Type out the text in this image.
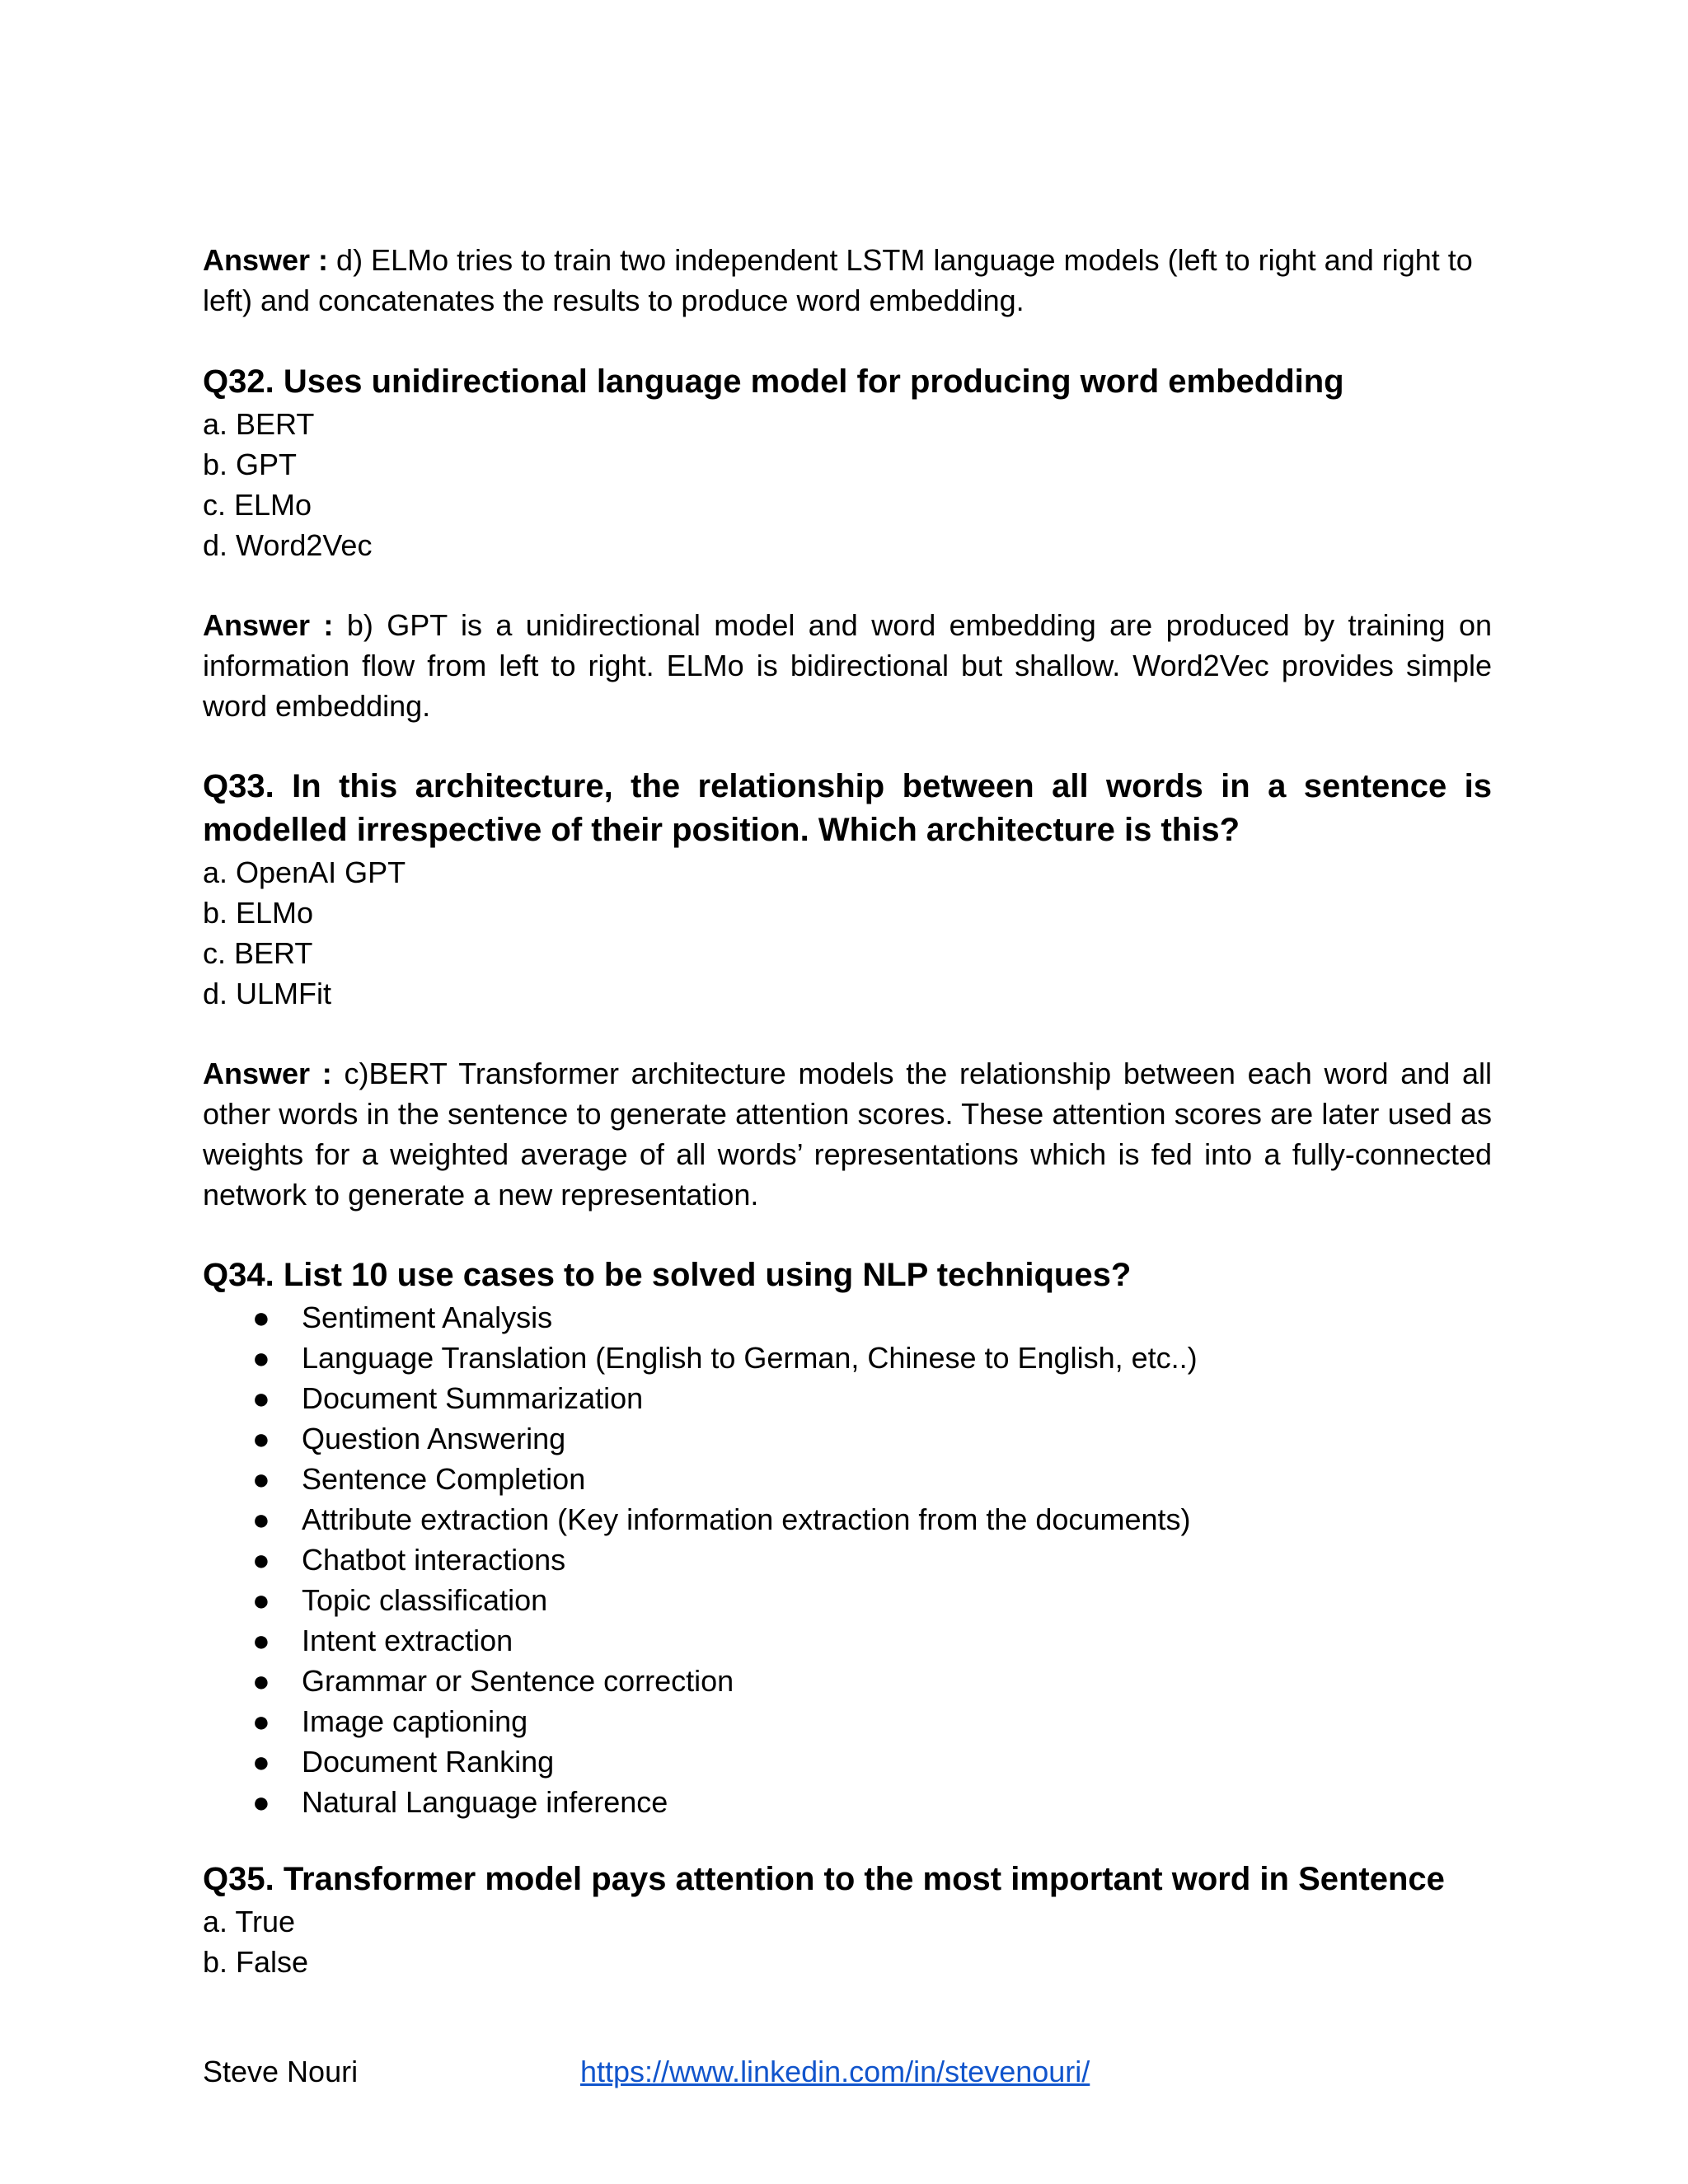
Answer : d) ELMo tries to train two independent LSTM language models (left to right and right to left) and concatenates the results to produce word embedding.

Q32. Uses unidirectional language model for producing word embedding

a. BERT
b. GPT
c. ELMo
d. Word2Vec

Answer : b) GPT is a unidirectional model and word embedding are produced by training on information flow from left to right. ELMo is bidirectional but shallow. Word2Vec provides simple word embedding.

Q33. In this architecture, the relationship between all words in a sentence is modelled irrespective of their position. Which architecture is this?

a. OpenAI GPT
b. ELMo
c. BERT
d. ULMFit

Answer : c)BERT Transformer architecture models the relationship between each word and all other words in the sentence to generate attention scores. These attention scores are later used as weights for a weighted average of all words’ representations which is fed into a fully-connected network to generate a new representation.

Q34. List 10 use cases to be solved using NLP techniques?

● Sentiment Analysis
● Language Translation (English to German, Chinese to English, etc..)
● Document Summarization
● Question Answering
● Sentence Completion
● Attribute extraction (Key information extraction from the documents)
● Chatbot interactions
● Topic classification
● Intent extraction
● Grammar or Sentence correction
● Image captioning
● Document Ranking
● Natural Language inference

Q35. Transformer model pays attention to the most important word in Sentence

a. True
b. False
Steve Nouri	https://www.linkedin.com/in/stevenouri/
